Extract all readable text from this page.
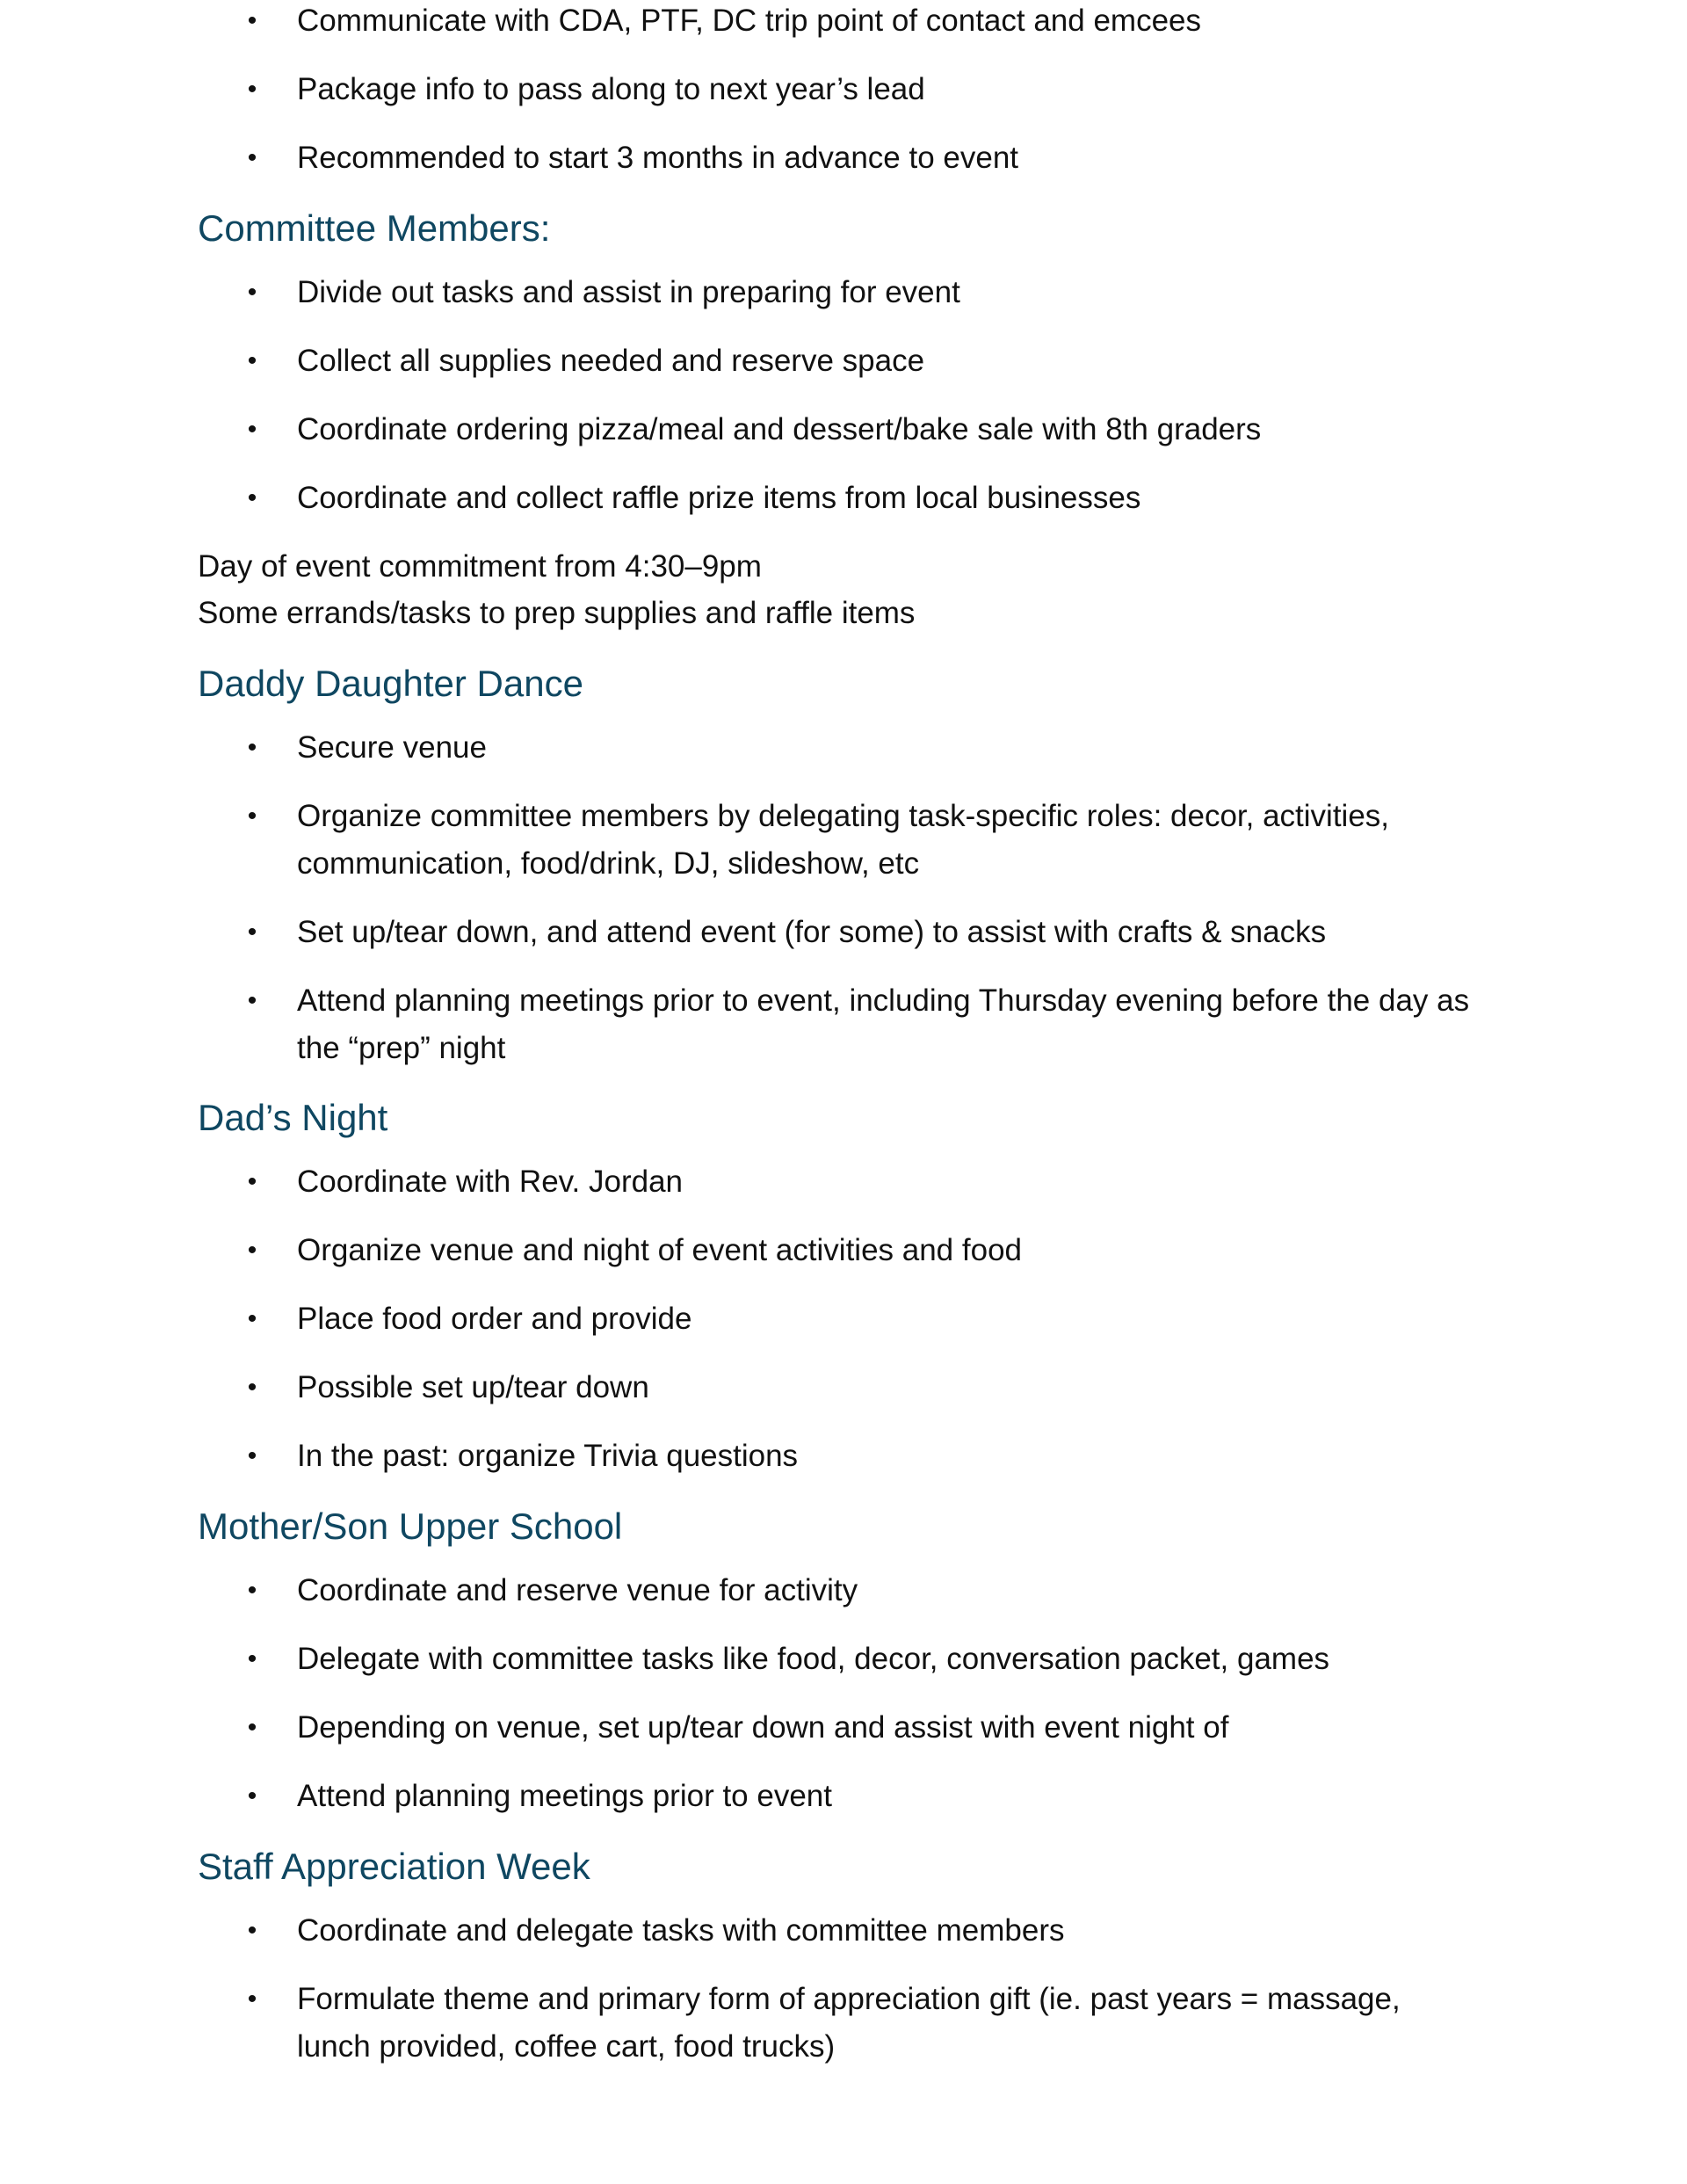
• Communicate with CDA, PTF, DC trip point of contact and emcees
• Package info to pass along to next year’s lead
• Recommended to start 3 months in advance to event
Committee Members:
• Divide out tasks and assist in preparing for event
• Collect all supplies needed and reserve space
• Coordinate ordering pizza/meal and dessert/bake sale with 8th graders
• Coordinate and collect raffle prize items from local businesses

Day of event commitment from 4:30–9pm

Some errands/tasks to prep supplies and raffle items

Daddy Daughter Dance
• Secure venue
• Organize committee members by delegating task-specific roles: decor, activities, communication, food/drink, DJ, slideshow, etc
• Set up/tear down, and attend event (for some) to assist with crafts & snacks
• Attend planning meetings prior to event, including Thursday evening before the day as the “prep” night
Dad’s Night
• Coordinate with Rev. Jordan
• Organize venue and night of event activities and food
• Place food order and provide
• Possible set up/tear down
• In the past: organize Trivia questions
Mother/Son Upper School
• Coordinate and reserve venue for activity
• Delegate with committee tasks like food, decor, conversation packet, games
• Depending on venue, set up/tear down and assist with event night of
• Attend planning meetings prior to event
Staff Appreciation Week
• Coordinate and delegate tasks with committee members
• Formulate theme and primary form of appreciation gift (ie. past years = massage, lunch provided, coffee cart, food trucks)
